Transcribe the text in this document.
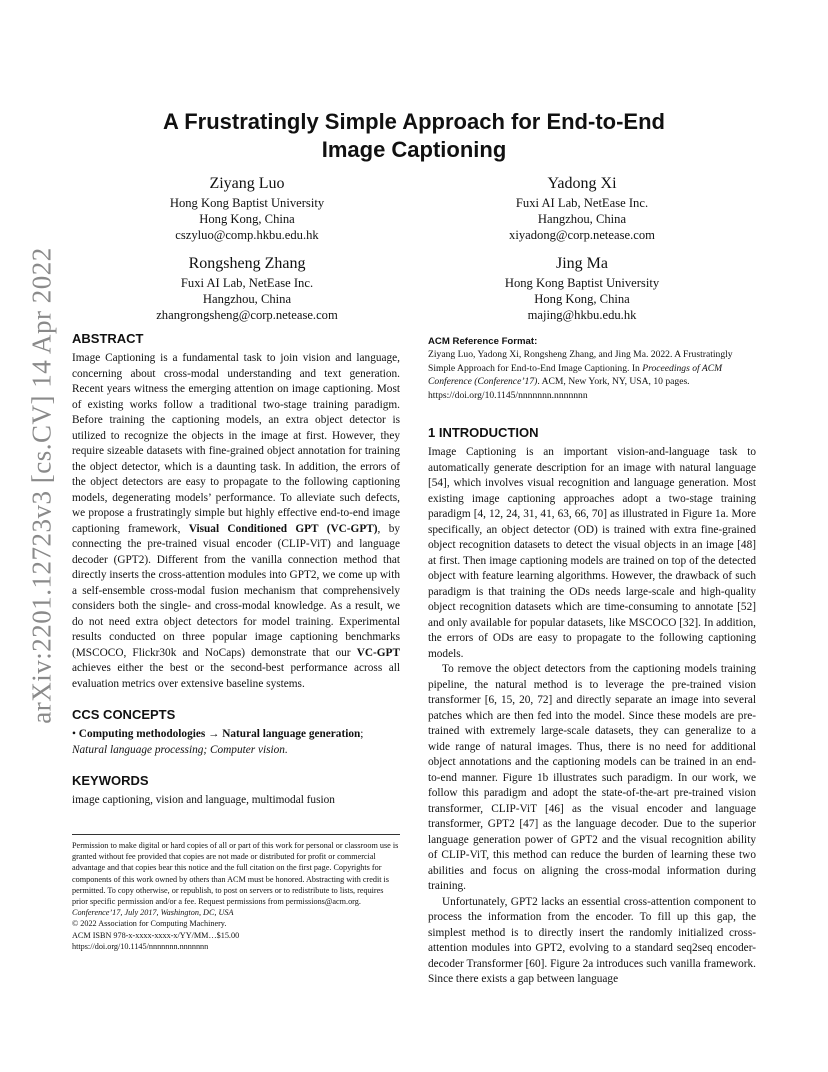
arXiv:2201.12723v3 [cs.CV] 14 Apr 2022
A Frustratingly Simple Approach for End-to-End
Image Captioning
Ziyang Luo
Hong Kong Baptist University
Hong Kong, China
cszyluo@comp.hkbu.edu.hk
Yadong Xi
Fuxi AI Lab, NetEase Inc.
Hangzhou, China
xiyadong@corp.netease.com
Rongsheng Zhang
Fuxi AI Lab, NetEase Inc.
Hangzhou, China
zhangrongsheng@corp.netease.com
Jing Ma
Hong Kong Baptist University
Hong Kong, China
majing@hkbu.edu.hk
ABSTRACT

Image Captioning is a fundamental task to join vision and language, concerning about cross-modal understanding and text generation. Recent years witness the emerging attention on image captioning. Most of existing works follow a traditional two-stage training paradigm. Before training the captioning models, an extra object detector is utilized to recognize the objects in the image at first. However, they require sizeable datasets with fine-grained object annotation for training the object detector, which is a daunting task. In addition, the errors of the object detectors are easy to propagate to the following captioning models, degenerating models’ performance. To alleviate such defects, we propose a frustratingly simple but highly effective end-to-end image captioning framework, Visual Conditioned GPT (VC-GPT), by connecting the pre-trained visual encoder (CLIP-ViT) and language decoder (GPT2). Different from the vanilla connection method that directly inserts the cross-attention modules into GPT2, we come up with a self-ensemble cross-modal fusion mechanism that comprehensively considers both the single- and cross-modal knowledge. As a result, we do not need extra object detectors for model training. Experimental results conducted on three popular image captioning benchmarks (MSCOCO, Flickr30k and NoCaps) demonstrate that our VC-GPT achieves either the best or the second-best performance across all evaluation metrics over extensive baseline systems.

CCS CONCEPTS

• Computing methodologies → Natural language generation;

Natural language processing; Computer vision.

KEYWORDS

image captioning, vision and language, multimodal fusion

Permission to make digital or hard copies of all or part of this work for personal or classroom use is granted without fee provided that copies are not made or distributed for profit or commercial advantage and that copies bear this notice and the full citation on the first page. Copyrights for components of this work owned by others than ACM must be honored. Abstracting with credit is permitted. To copy otherwise, or republish, to post on servers or to redistribute to lists, requires prior specific permission and/or a fee. Request permissions from permissions@acm.org.

Conference’17, July 2017, Washington, DC, USA

© 2022 Association for Computing Machinery.

ACM ISBN 978-x-xxxx-xxxx-x/YY/MM…$15.00

https://doi.org/10.1145/nnnnnnn.nnnnnnn

ACM Reference Format:

Ziyang Luo, Yadong Xi, Rongsheng Zhang, and Jing Ma. 2022. A Frustratingly Simple Approach for End-to-End Image Captioning. In Proceedings of ACM Conference (Conference’17). ACM, New York, NY, USA, 10 pages. https://doi.org/10.1145/nnnnnnn.nnnnnnn

1 INTRODUCTION

Image Captioning is an important vision-and-language task to automatically generate description for an image with natural language [54], which involves visual recognition and language generation. Most existing image captioning approaches adopt a two-stage training paradigm [4, 12, 24, 31, 41, 63, 66, 70] as illustrated in Figure 1a. More specifically, an object detector (OD) is trained with extra fine-grained object recognition datasets to detect the visual objects in an image [48] at first. Then image captioning models are trained on top of the detected object with feature learning algorithms. However, the drawback of such paradigm is that training the ODs needs large-scale and high-quality object recognition datasets which are time-consuming to annotate [52] and only available for popular datasets, like MSCOCO [32]. In addition, the errors of ODs are easy to propagate to the following captioning models.

To remove the object detectors from the captioning models training pipeline, the natural method is to leverage the pre-trained vision transformer [6, 15, 20, 72] and directly separate an image into several patches which are then fed into the model. Since these models are pre-trained with extremely large-scale datasets, they can generalize to a wide range of natural images. Thus, there is no need for additional object annotations and the captioning models can be trained in an end-to-end manner. Figure 1b illustrates such paradigm. In our work, we follow this paradigm and adopt the state-of-the-art pre-trained vision transformer, CLIP-ViT [46] as the visual encoder and language transformer, GPT2 [47] as the language decoder. Due to the superior language generation power of GPT2 and the visual recognition ability of CLIP-ViT, this method can reduce the burden of learning these two abilities and focus on aligning the cross-modal information during training.

Unfortunately, GPT2 lacks an essential cross-attention component to process the information from the encoder. To fill up this gap, the simplest method is to directly insert the randomly initialized cross-attention modules into GPT2, evolving to a standard seq2seq encoder-decoder Transformer [60]. Figure 2a introduces such vanilla framework. Since there exists a gap between language
